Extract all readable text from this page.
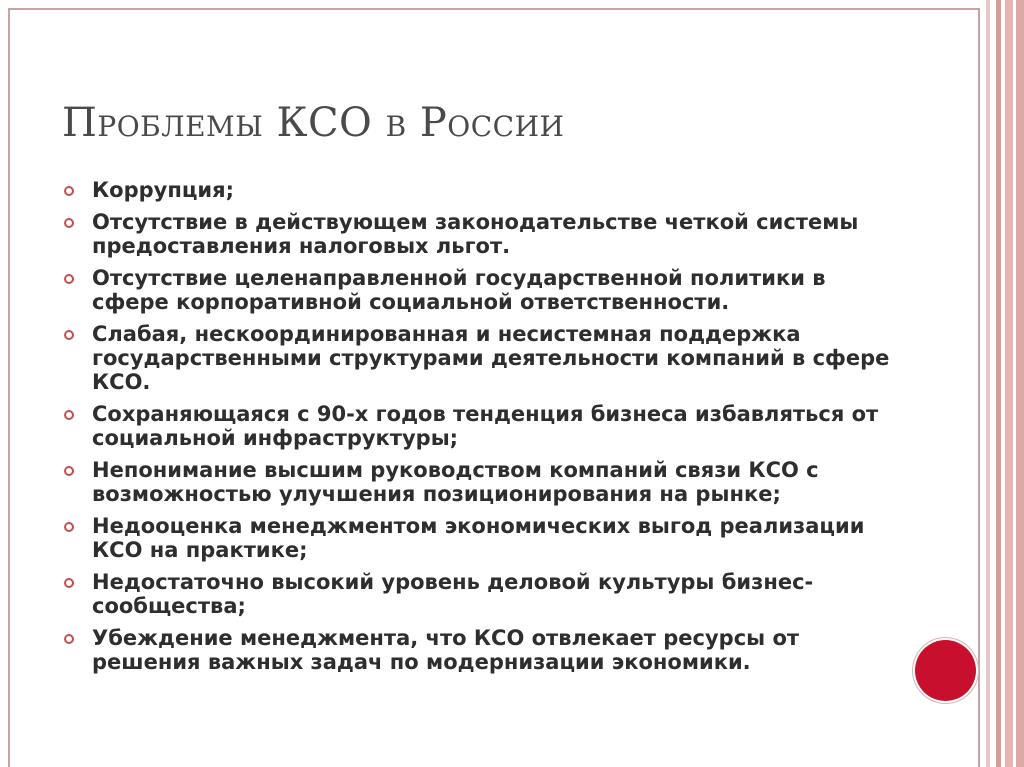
Проблемы КСО в России
Коррупция;
Отсутствие в действующем законодательстве четкой системы предоставления налоговых льгот.
Отсутствие целенаправленной государственной политики в сфере корпоративной социальной ответственности.
Слабая, нескоординированная и несистемная поддержка государственными структурами деятельности компаний в сфере КСО.
Сохраняющаяся с 90-х годов тенденция бизнеса избавляться от социальной инфраструктуры;
Непонимание высшим руководством компаний связи КСО с возможностью улучшения позиционирования на рынке;
Недооценка менеджментом экономических выгод реализации КСО на практике;
Недостаточно высокий уровень деловой культуры бизнес-сообщества;
Убеждение менеджмента, что КСО отвлекает ресурсы от решения важных задач по модернизации экономики.
